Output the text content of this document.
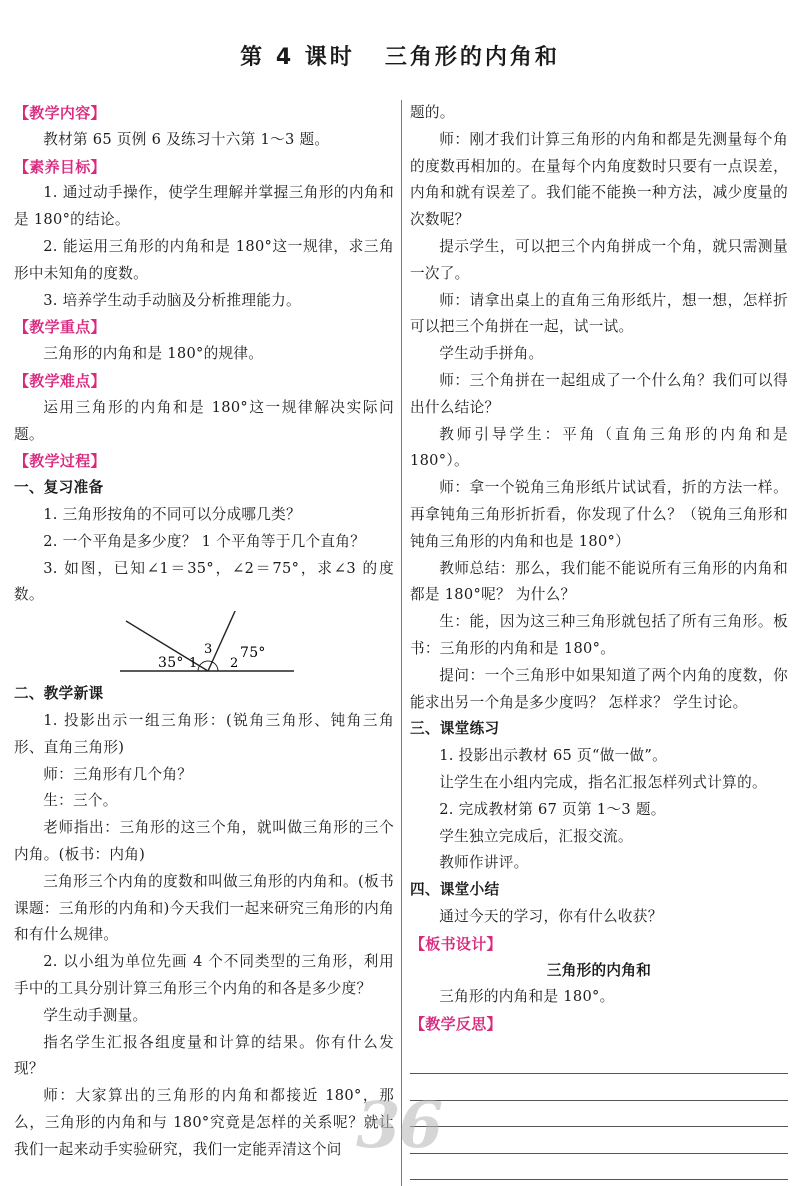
第 4 课时 三角形的内角和
【教学内容】

教材第 65 页例 6 及练习十六第 1～3 题。

【素养目标】

1. 通过动手操作，使学生理解并掌握三角形的内角和是 180°的结论。

2. 能运用三角形的内角和是 180°这一规律，求三角形中未知角的度数。

3. 培养学生动手动脑及分析推理能力。

【教学重点】

三角形的内角和是 180°的规律。

【教学难点】

运用三角形的内角和是 180°这一规律解决实际问题。

【教学过程】
一、复习准备

1. 三角形按角的不同可以分成哪几类？

2. 一个平角是多少度？ 1 个平角等于几个直角？

3. 如图，已知∠1＝35°，∠2＝75°，求∠3 的度数。

35° 1
3
2
75°
二、教学新课

1. 投影出示一组三角形：(锐角三角形、钝角三角形、直角三角形)

师：三角形有几个角？

生：三个。

老师指出：三角形的这三个角，就叫做三角形的三个内角。(板书：内角)

三角形三个内角的度数和叫做三角形的内角和。(板书课题：三角形的内角和)今天我们一起来研究三角形的内角和有什么规律。

2. 以小组为单位先画 4 个不同类型的三角形，利用手中的工具分别计算三角形三个内角的和各是多少度？

学生动手测量。

指名学生汇报各组度量和计算的结果。你有什么发现？

师：大家算出的三角形的内角和都接近 180°，那么，三角形的内角和与 180°究竟是怎样的关系呢？就让我们一起来动手实验研究，我们一定能弄清这个问

题的。

师：刚才我们计算三角形的内角和都是先测量每个角的度数再相加的。在量每个内角度数时只要有一点误差，内角和就有误差了。我们能不能换一种方法，减少度量的次数呢？

提示学生，可以把三个内角拼成一个角，就只需测量一次了。

师：请拿出桌上的直角三角形纸片，想一想，怎样折可以把三个角拼在一起，试一试。

学生动手拼角。

师：三个角拼在一起组成了一个什么角？我们可以得出什么结论？

教师引导学生：平角（直角三角形的内角和是 180°）。

师：拿一个锐角三角形纸片试试看，折的方法一样。再拿钝角三角形折折看，你发现了什么？（锐角三角形和钝角三角形的内角和也是 180°）

教师总结：那么，我们能不能说所有三角形的内角和都是 180°呢？ 为什么？

生：能，因为这三种三角形就包括了所有三角形。板书：三角形的内角和是 180°。

提问：一个三角形中如果知道了两个内角的度数，你能求出另一个角是多少度吗？ 怎样求？ 学生讨论。

三、课堂练习

1. 投影出示教材 65 页“做一做”。

让学生在小组内完成，指名汇报怎样列式计算的。

2. 完成教材第 67 页第 1～3 题。

学生独立完成后，汇报交流。

教师作讲评。

四、课堂小结

通过今天的学习，你有什么收获？

【板书设计】

三角形的内角和

三角形的内角和是 180°。

【教学反思】
36
